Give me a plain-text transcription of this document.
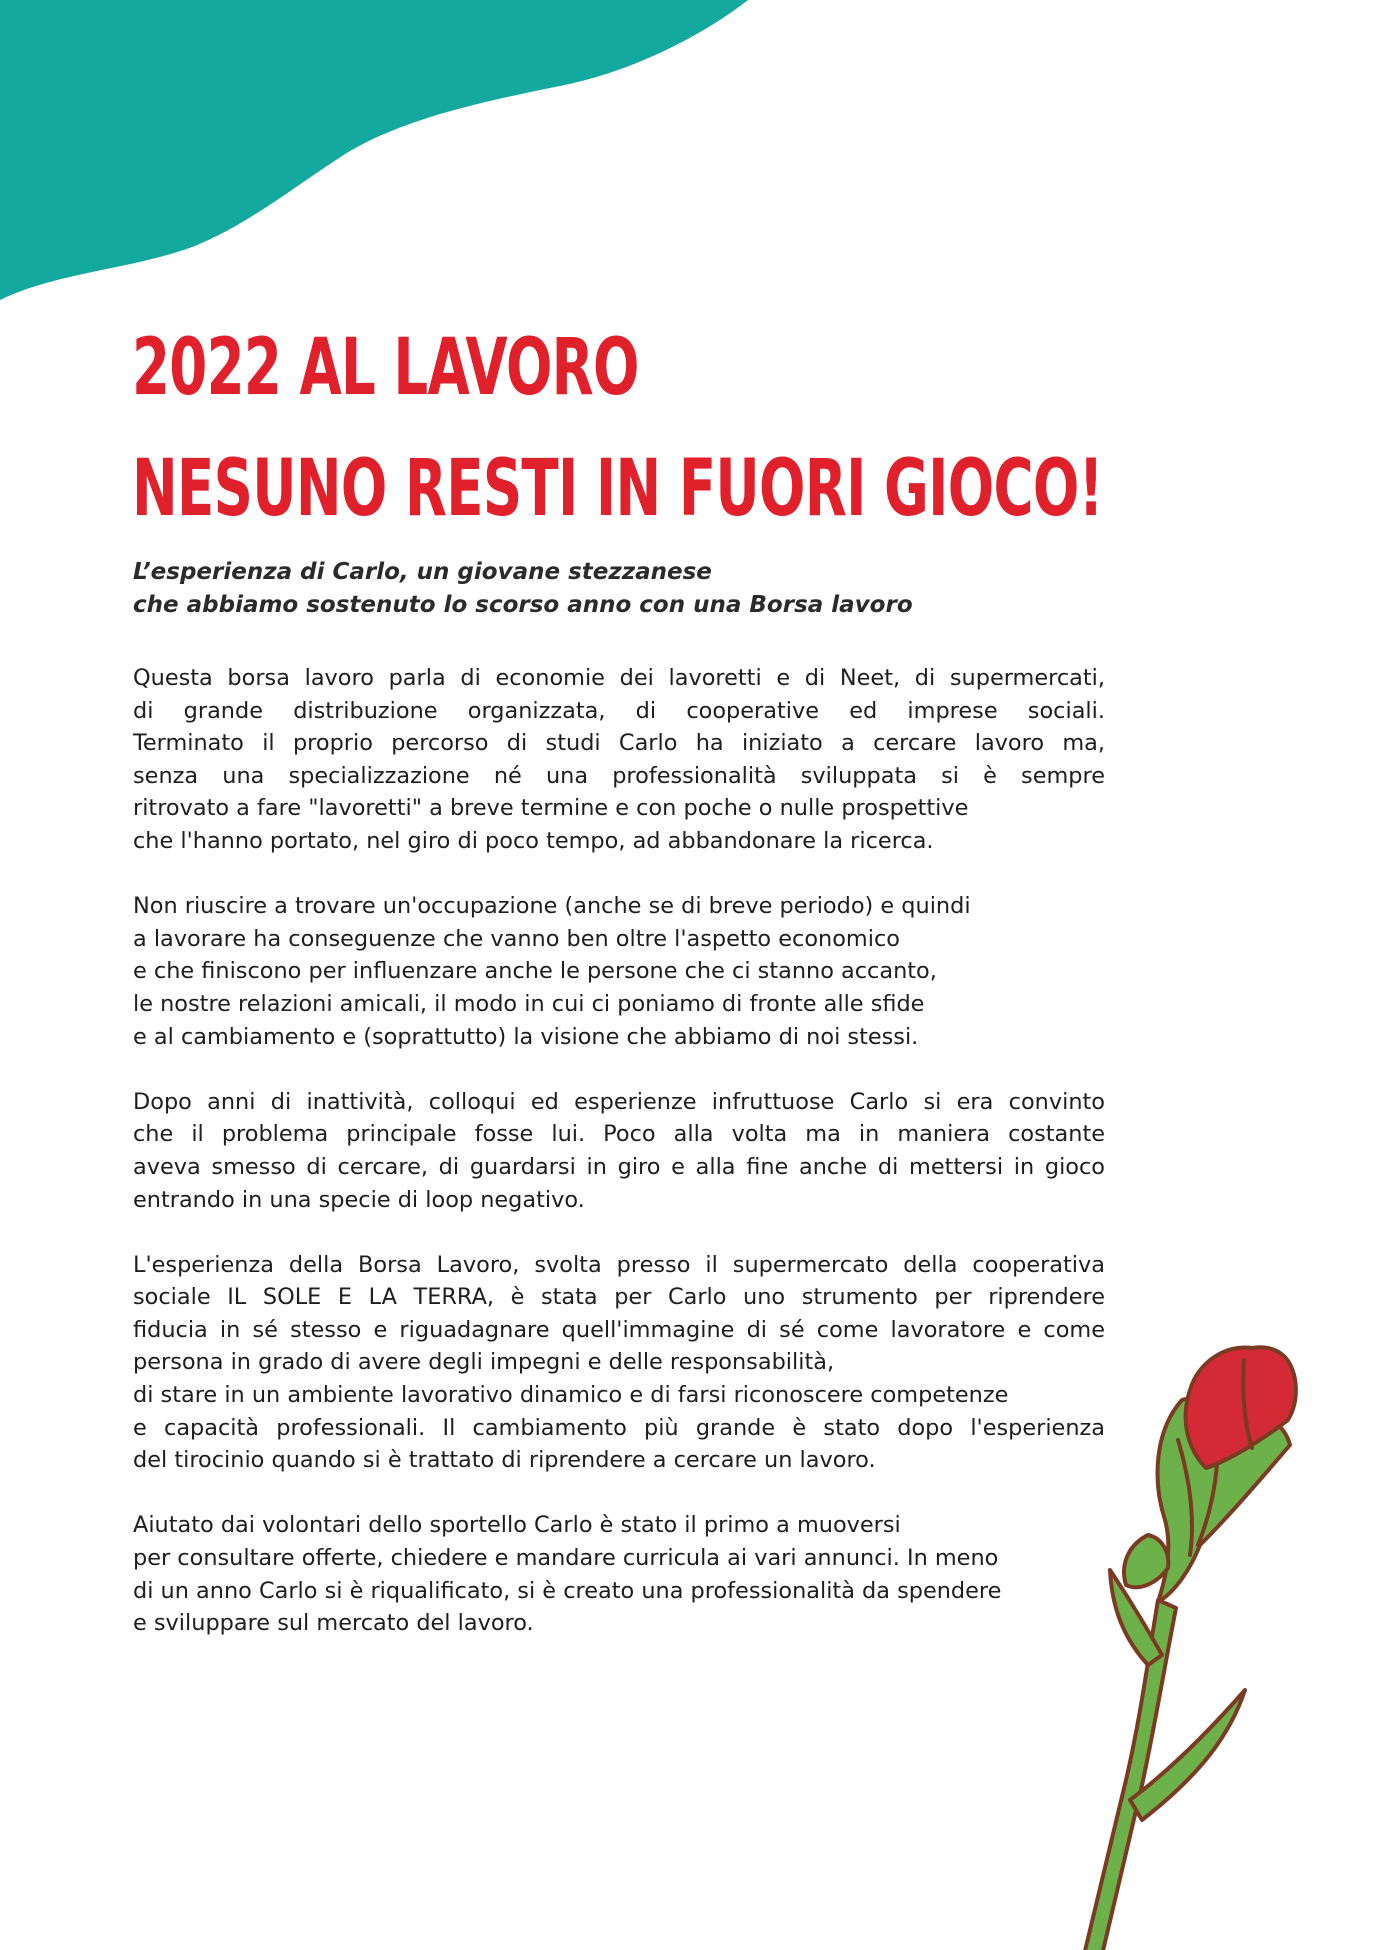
2022 AL LAVORO
NESUNO RESTI IN FUORI GIOCO!

L’esperienza di Carlo, un giovane stezzanese
che abbiamo sostenuto lo scorso anno con una Borsa lavoro

Questa borsa lavoro parla di economie dei lavoretti e di Neet, di supermercati,
di grande distribuzione organizzata, di cooperative ed imprese sociali.
Terminato il proprio percorso di studi Carlo ha iniziato a cercare lavoro ma,
senza una specializzazione né una professionalità sviluppata si è sempre
ritrovato a fare "lavoretti" a breve termine e con poche o nulle prospettive
che l'hanno portato, nel giro di poco tempo, ad abbandonare la ricerca.

Non riuscire a trovare un'occupazione (anche se di breve periodo) e quindi
a lavorare ha conseguenze che vanno ben oltre l'aspetto economico
e che finiscono per influenzare anche le persone che ci stanno accanto,
le nostre relazioni amicali, il modo in cui ci poniamo di fronte alle sfide
e al cambiamento e (soprattutto) la visione che abbiamo di noi stessi.

Dopo anni di inattività, colloqui ed esperienze infruttuose Carlo si era convinto
che il problema principale fosse lui. Poco alla volta ma in maniera costante
aveva smesso di cercare, di guardarsi in giro e alla fine anche di mettersi in gioco
entrando in una specie di loop negativo.

L'esperienza della Borsa Lavoro, svolta presso il supermercato della cooperativa
sociale IL SOLE E LA TERRA, è stata per Carlo uno strumento per riprendere
fiducia in sé stesso e riguadagnare quell'immagine di sé come lavoratore e come
persona in grado di avere degli impegni e delle responsabilità,
di stare in un ambiente lavorativo dinamico e di farsi riconoscere competenze
e capacità professionali. Il cambiamento più grande è stato dopo l'esperienza
del tirocinio quando si è trattato di riprendere a cercare un lavoro.

Aiutato dai volontari dello sportello Carlo è stato il primo a muoversi
per consultare offerte, chiedere e mandare curricula ai vari annunci. In meno
di un anno Carlo si è riqualificato, si è creato una professionalità da spendere
e sviluppare sul mercato del lavoro.
